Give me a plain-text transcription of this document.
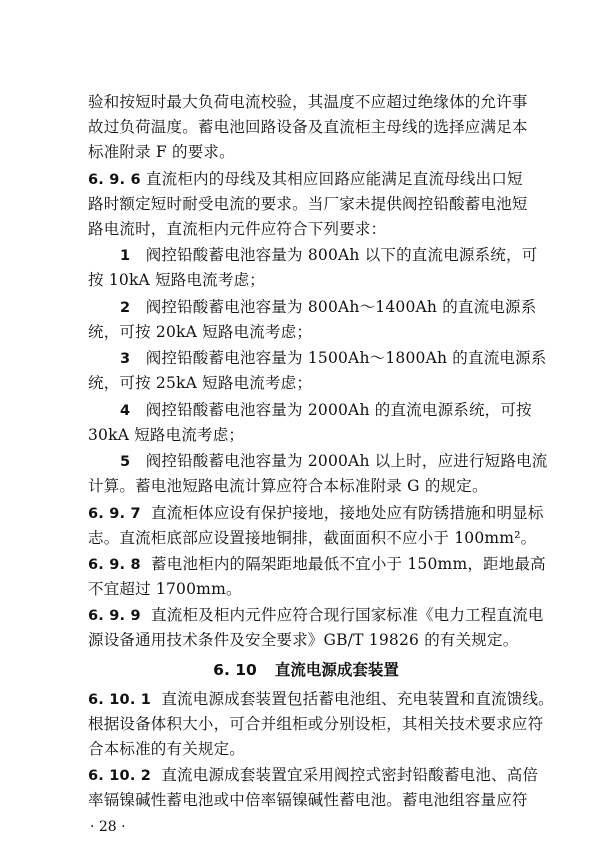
验和按短时最大负荷电流校验，其温度不应超过绝缘体的允许事
故过负荷温度。蓄电池回路设备及直流柜主母线的选择应满足本
标准附录 F 的要求。
6. 9. 6 直流柜内的母线及其相应回路应能满足直流母线出口短
路时额定短时耐受电流的要求。当厂家未提供阀控铅酸蓄电池短
路电流时，直流柜内元件应符合下列要求：
1 阀控铅酸蓄电池容量为 800Ah 以下的直流电源系统，可
按 10kA 短路电流考虑；
2 阀控铅酸蓄电池容量为 800Ah～1400Ah 的直流电源系
统，可按 20kA 短路电流考虑；
3 阀控铅酸蓄电池容量为 1500Ah～1800Ah 的直流电源系
统，可按 25kA 短路电流考虑；
4 阀控铅酸蓄电池容量为 2000Ah 的直流电源系统，可按
30kA 短路电流考虑；
5 阀控铅酸蓄电池容量为 2000Ah 以上时，应进行短路电流
计算。蓄电池短路电流计算应符合本标准附录 G 的规定。
6. 9. 7 直流柜体应设有保护接地，接地处应有防锈措施和明显标
志。直流柜底部应设置接地铜排，截面面积不应小于 100mm²。
6. 9. 8 蓄电池柜内的隔架距地最低不宜小于 150mm，距地最高
不宜超过 1700mm。
6. 9. 9 直流柜及柜内元件应符合现行国家标准《电力工程直流电
源设备通用技术条件及安全要求》GB/T 19826 的有关规定。
6. 10 直流电源成套装置
6. 10. 1 直流电源成套装置包括蓄电池组、充电装置和直流馈线。
根据设备体积大小，可合并组柜或分别设柜，其相关技术要求应符
合本标准的有关规定。
6. 10. 2 直流电源成套装置宜采用阀控式密封铅酸蓄电池、高倍
率镉镍碱性蓄电池或中倍率镉镍碱性蓄电池。蓄电池组容量应符
· 28 ·
